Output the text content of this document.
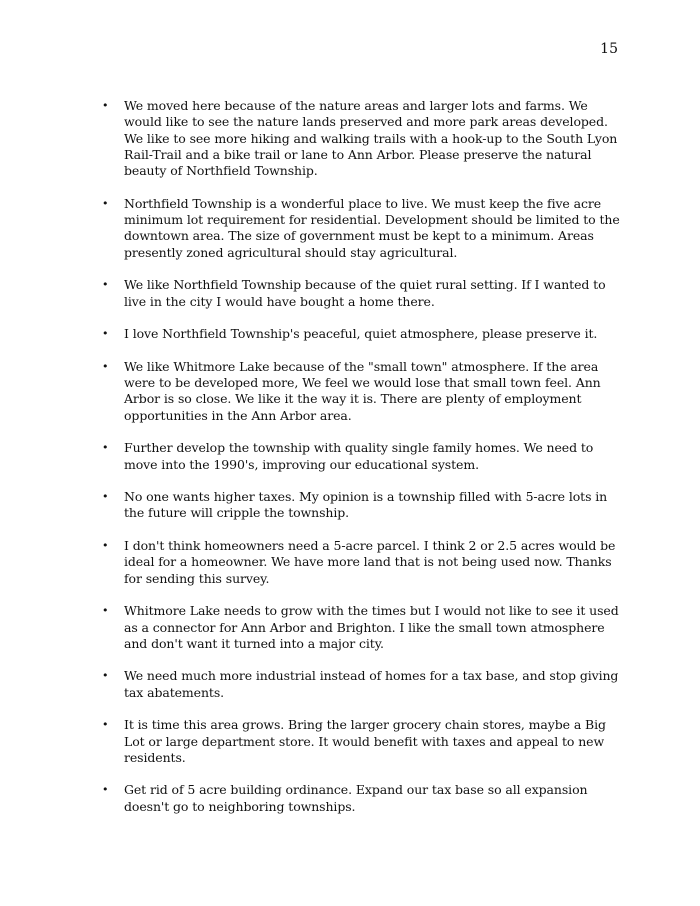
15
• We moved here because of the nature areas and larger lots and farms. We would like to see the nature lands preserved and more park areas developed. We like to see more hiking and walking trails with a hook-up to the South Lyon Rail-Trail and a bike trail or lane to Ann Arbor. Please preserve the natural beauty of Northfield Township.
• Northfield Township is a wonderful place to live. We must keep the five acre minimum lot requirement for residential. Development should be limited to the downtown area. The size of government must be kept to a minimum. Areas presently zoned agricultural should stay agricultural.
• We like Northfield Township because of the quiet rural setting. If I wanted to live in the city I would have bought a home there.
• I love Northfield Township's peaceful, quiet atmosphere, please preserve it.
• We like Whitmore Lake because of the "small town" atmosphere. If the area were to be developed more, We feel we would lose that small town feel. Ann Arbor is so close. We like it the way it is. There are plenty of employment opportunities in the Ann Arbor area.
• Further develop the township with quality single family homes. We need to move into the 1990's, improving our educational system.
• No one wants higher taxes. My opinion is a township filled with 5-acre lots in the future will cripple the township.
• I don't think homeowners need a 5-acre parcel. I think 2 or 2.5 acres would be ideal for a homeowner. We have more land that is not being used now. Thanks for sending this survey.
• Whitmore Lake needs to grow with the times but I would not like to see it used as a connector for Ann Arbor and Brighton. I like the small town atmosphere and don't want it turned into a major city.
• We need much more industrial instead of homes for a tax base, and stop giving tax abatements.
• It is time this area grows. Bring the larger grocery chain stores, maybe a Big Lot or large department store. It would benefit with taxes and appeal to new residents.
• Get rid of 5 acre building ordinance. Expand our tax base so all expansion doesn't go to neighboring townships.
